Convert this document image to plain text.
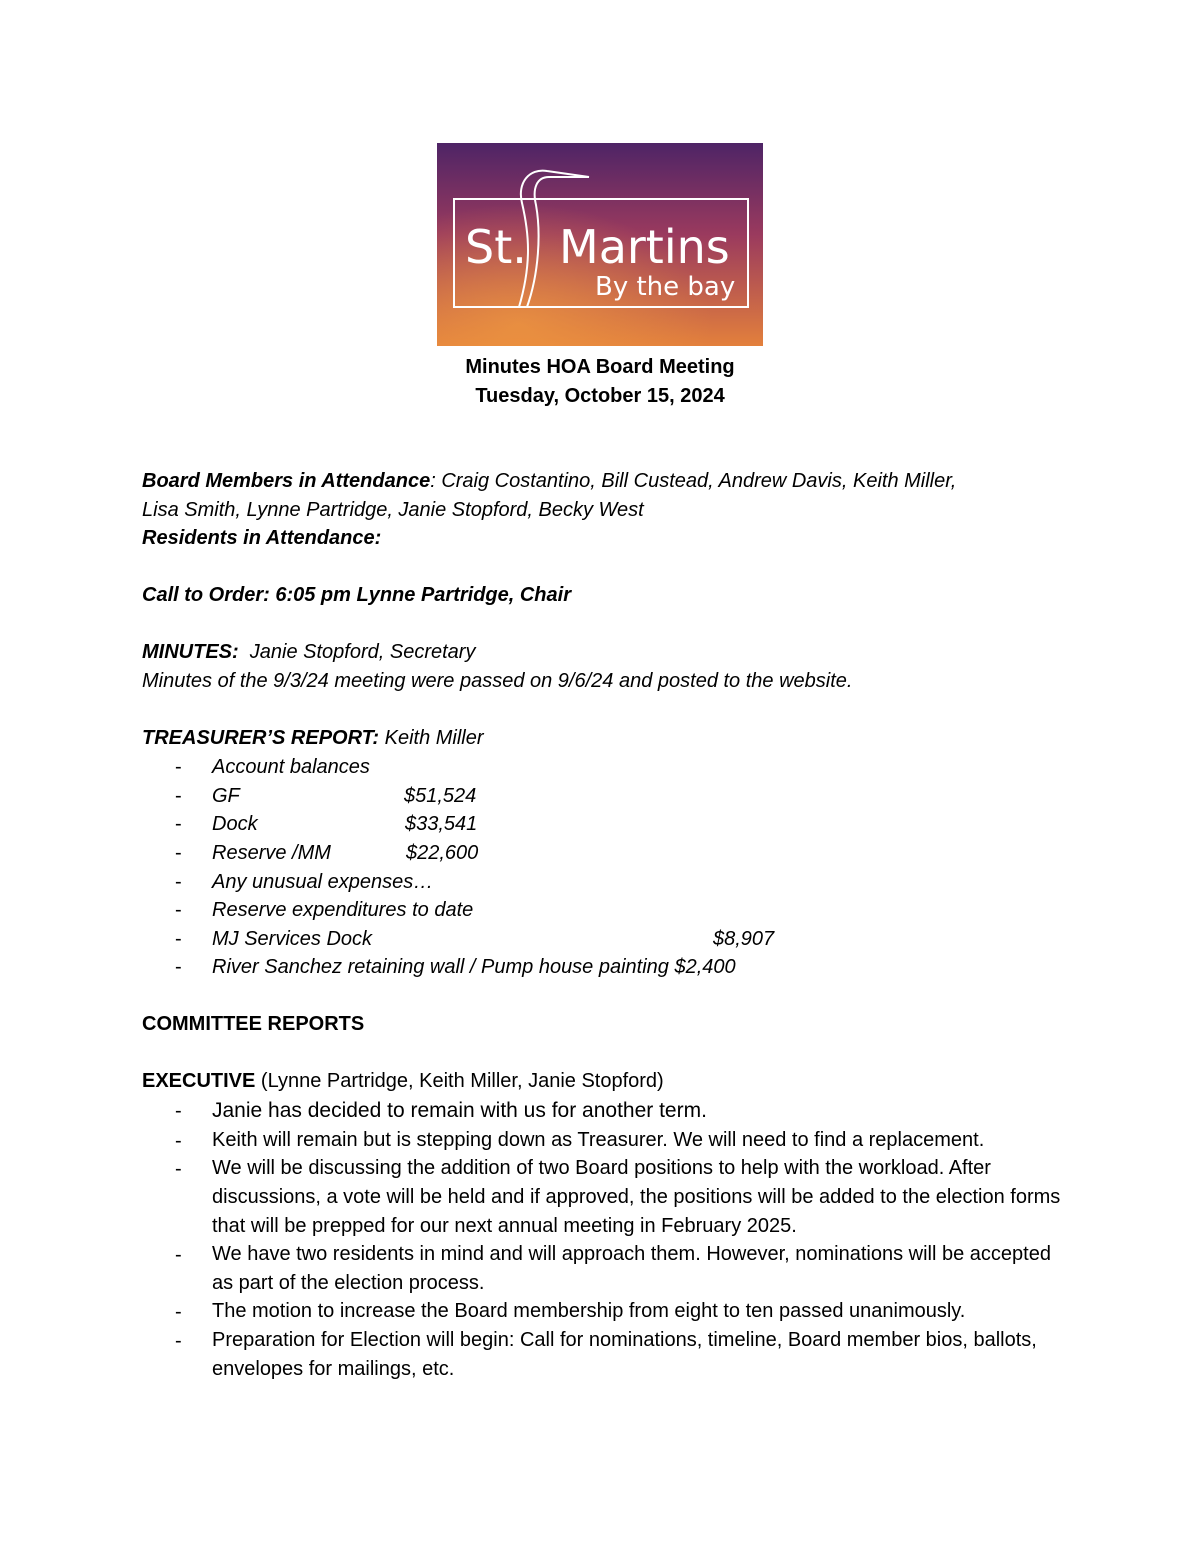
St. Martins
By the bay
Minutes HOA Board Meeting
Tuesday, October 15, 2024
Board Members in Attendance: Craig Costantino, Bill Custead, Andrew Davis, Keith Miller,
Lisa Smith, Lynne Partridge, Janie Stopford, Becky West
Residents in Attendance:
Call to Order: 6:05 pm Lynne Partridge, Chair
MINUTES:  Janie Stopford, Secretary
Minutes of the 9/3/24 meeting were passed on 9/6/24 and posted to the website.
TREASURER’S REPORT: Keith Miller
- Account balances
- GF	$51,524
- Dock	$33,541
- Reserve /MM	$22,600
- Any unusual expenses…
- Reserve expenditures to date
- MJ Services Dock	$8,907
- River Sanchez retaining wall / Pump house painting $2,400
COMMITTEE REPORTS
EXECUTIVE (Lynne Partridge, Keith Miller, Janie Stopford)
- Janie has decided to remain with us for another term.
- Keith will remain but is stepping down as Treasurer. We will need to find a replacement.
- We will be discussing the addition of two Board positions to help with the workload. After discussions, a vote will be held and if approved, the positions will be added to the election forms that will be prepped for our next annual meeting in February 2025.
- We have two residents in mind and will approach them. However, nominations will be accepted as part of the election process.
- The motion to increase the Board membership from eight to ten passed unanimously.
- Preparation for Election will begin: Call for nominations, timeline, Board member bios, ballots, envelopes for mailings, etc.
